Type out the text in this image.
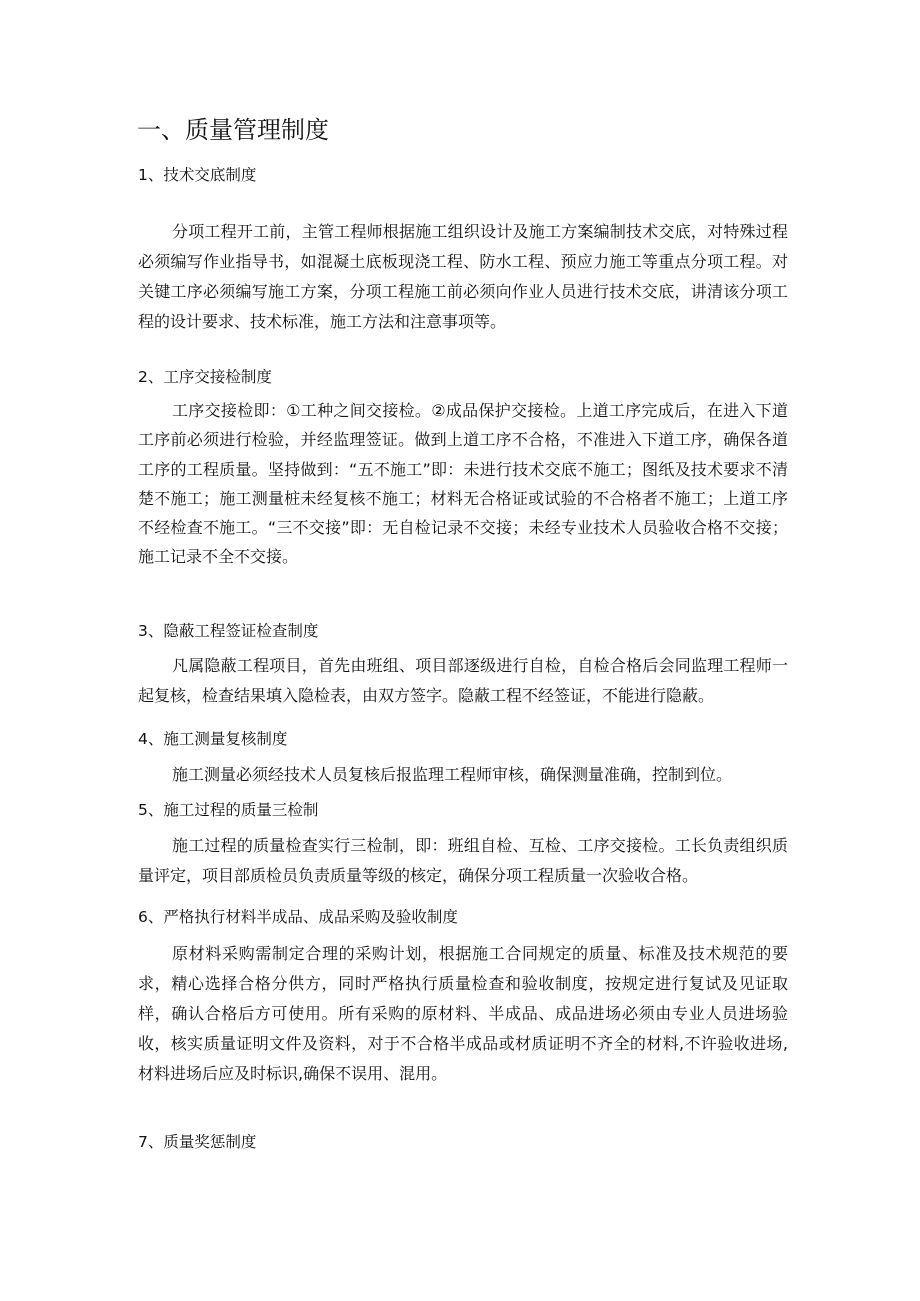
一、质量管理制度
1、技术交底制度

分项工程开工前，主管工程师根据施工组织设计及施工方案编制技术交底，对特殊过程必须编写作业指导书，如混凝土底板现浇工程、防水工程、预应力施工等重点分项工程。对关键工序必须编写施工方案，分项工程施工前必须向作业人员进行技术交底，讲清该分项工程的设计要求、技术标准，施工方法和注意事项等。

2、工序交接检制度

工序交接检即：①工种之间交接检。②成品保护交接检。上道工序完成后，在进入下道工序前必须进行检验，并经监理签证。做到上道工序不合格，不准进入下道工序，确保各道工序的工程质量。坚持做到：“五不施工”即：未进行技术交底不施工；图纸及技术要求不清楚不施工；施工测量桩未经复核不施工；材料无合格证或试验的不合格者不施工；上道工序不经检查不施工。“三不交接”即：无自检记录不交接；未经专业技术人员验收合格不交接；施工记录不全不交接。

3、隐蔽工程签证检查制度

凡属隐蔽工程项目，首先由班组、项目部逐级进行自检，自检合格后会同监理工程师一起复核，检查结果填入隐检表，由双方签字。隐蔽工程不经签证，不能进行隐蔽。

4、施工测量复核制度

施工测量必须经技术人员复核后报监理工程师审核，确保测量准确，控制到位。

5、施工过程的质量三检制

施工过程的质量检查实行三检制，即：班组自检、互检、工序交接检。工长负责组织质量评定，项目部质检员负责质量等级的核定，确保分项工程质量一次验收合格。

6、严格执行材料半成品、成品采购及验收制度

原材料采购需制定合理的采购计划，根据施工合同规定的质量、标准及技术规范的要求，精心选择合格分供方，同时严格执行质量检查和验收制度，按规定进行复试及见证取样，确认合格后方可使用。所有采购的原材料、半成品、成品进场必须由专业人员进场验收，核实质量证明文件及资料，对于不合格半成品或材质证明不齐全的材料,不许验收进场,材料进场后应及时标识,确保不误用、混用。

7、质量奖惩制度
